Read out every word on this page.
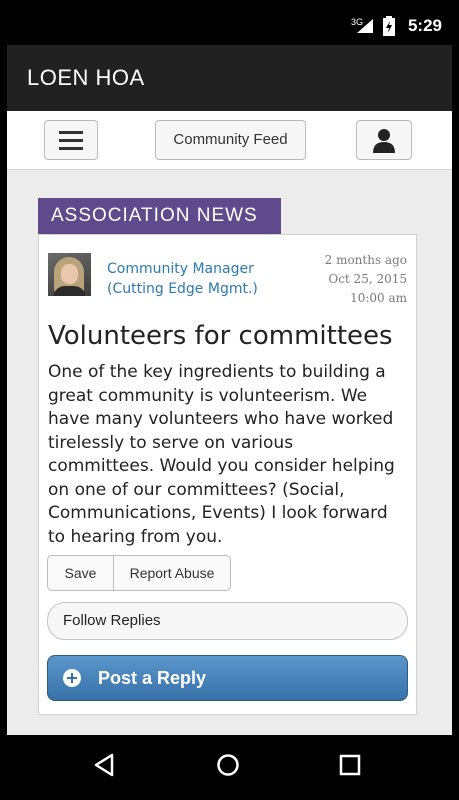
3G	5:29
LOEN HOA
Community Feed
ASSOCIATION NEWS
Community Manager
(Cutting Edge Mgmt.)
2 months ago
Oct 25, 2015
10:00 am
Volunteers for committees
One of the key ingredients to building a great community is volunteerism. We have many volunteers who have worked tirelessly to serve on various committees. Would you consider helping on one of our committees? (Social, Communications, Events) I look forward to hearing from you.
Save	Report Abuse
Follow Replies
Post a Reply
